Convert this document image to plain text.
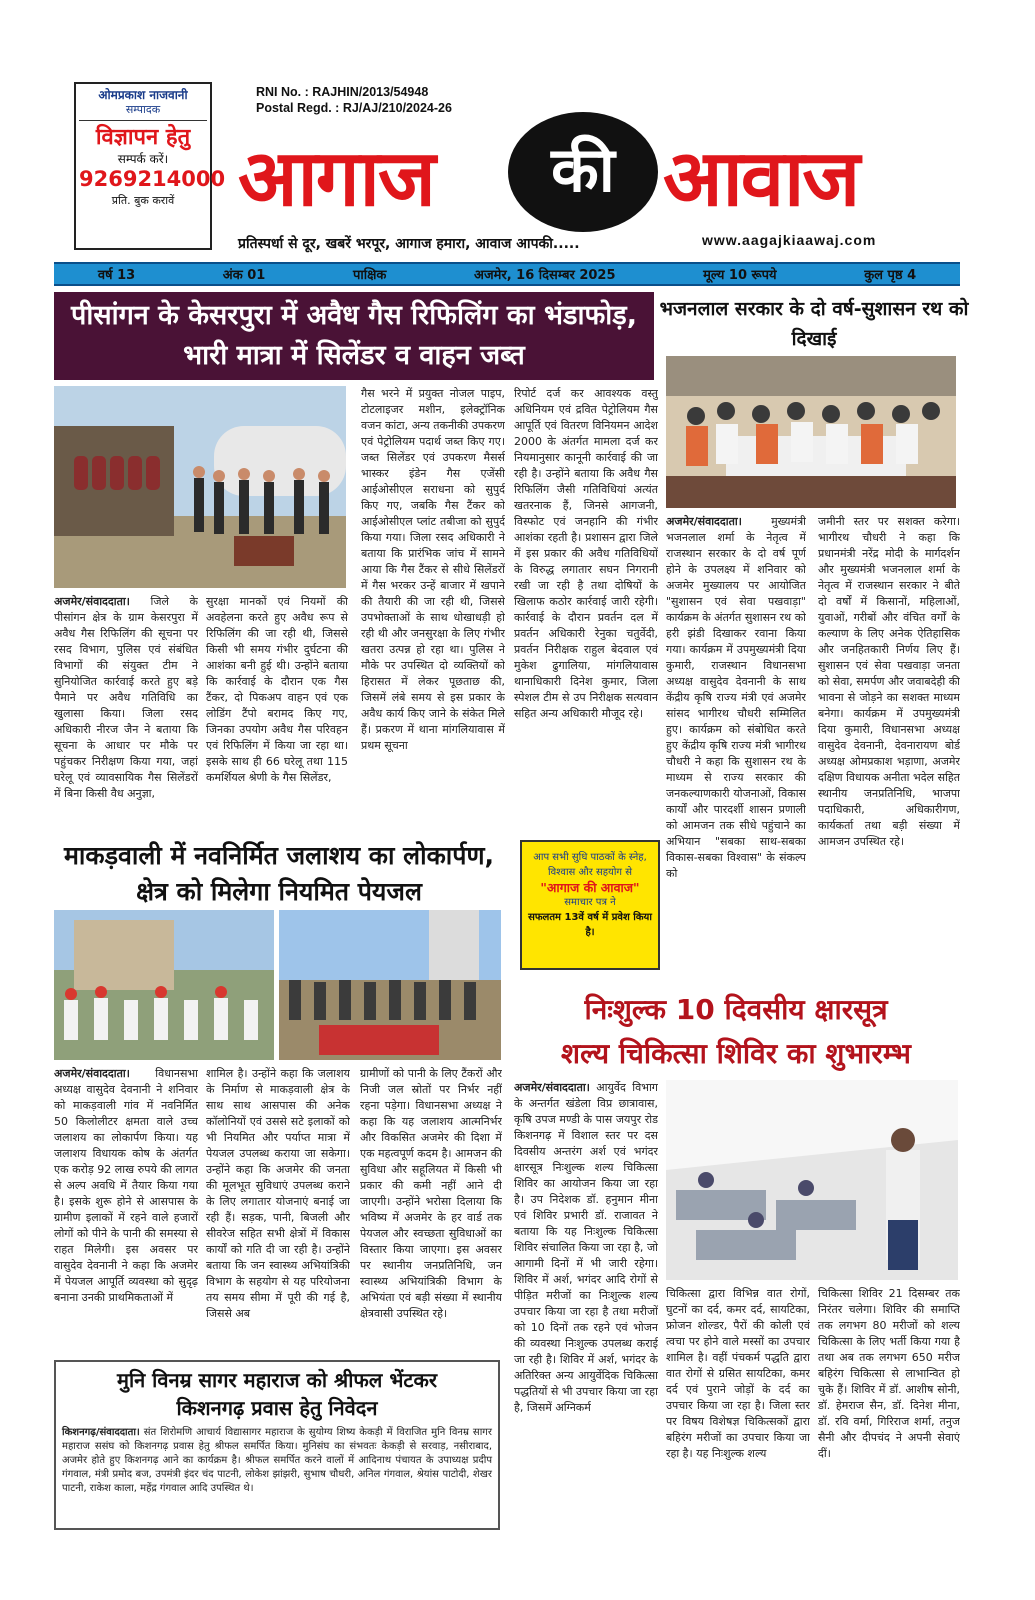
ओमप्रकाश नाजवानी
सम्पादक
विज्ञापन हेतु
सम्पर्क करें।
9269214000
प्रति. बुक करावें
RNI No. : RAJHIN/2013/54948
Postal Regd. : RJ/AJ/210/2024-26
आगाज	की आवाज
प्रतिस्पर्धा से दूर, खबरें भरपूर, आगाज हमारा, आवाज आपकी.....	www.aagajkiaawaj.com
वर्ष 13	अंक 01	पाक्षिक	अजमेर, 16 दिसम्बर 2025	मूल्य 10 रूपये	कुल पृष्ठ 4
पीसांगन के केसरपुरा में अवैध गैस रिफिलिंग का भंडाफोड़,
भारी मात्रा में सिलेंडर व वाहन जब्त
अजमेर/संवाददाता। जिले के पीसांगन क्षेत्र के ग्राम केसरपुरा में अवैध गैस रिफिलिंग की सूचना पर रसद विभाग, पुलिस एवं संबंधित विभागों की संयुक्त टीम ने सुनियोजित कार्रवाई करते हुए बड़े पैमाने पर अवैध गतिविधि का खुलासा किया। जिला रसद अधिकारी नीरज जैन ने बताया कि सूचना के आधार पर मौके पर पहुंचकर निरीक्षण किया गया, जहां घरेलू एवं व्यावसायिक गैस सिलेंडरों में बिना किसी वैध अनुज्ञा,
सुरक्षा मानकों एवं नियमों की अवहेलना करते हुए अवैध रूप से रिफिलिंग की जा रही थी, जिससे किसी भी समय गंभीर दुर्घटना की आशंका बनी हुई थी। उन्होंने बताया कि कार्रवाई के दौरान एक गैस टैंकर, दो पिकअप वाहन एवं एक लोडिंग टैंपो बरामद किए गए, जिनका उपयोग अवैध गैस परिवहन एवं रिफिलिंग में किया जा रहा था। इसके साथ ही 66 घरेलू तथा 115 कमर्शियल श्रेणी के गैस सिलेंडर,
गैस भरने में प्रयुक्त नोजल पाइप, टोटलाइजर मशीन, इलेक्ट्रॉनिक वजन कांटा, अन्य तकनीकी उपकरण एवं पेट्रोलियम पदार्थ जब्त किए गए। जब्त सिलेंडर एवं उपकरण मैसर्स भास्कर इंडेन गैस एजेंसी आईओसीएल सराधना को सुपुर्द किए गए, जबकि गैस टैंकर को आईओसीएल प्लांट तबीजा को सुपुर्द किया गया। जिला रसद अधिकारी ने बताया कि प्रारंभिक जांच में सामने आया कि गैस टैंकर से सीधे सिलेंडरों में गैस भरकर उन्हें बाजार में खपाने की तैयारी की जा रही थी, जिससे उपभोक्ताओं के साथ धोखाधड़ी हो रही थी और जनसुरक्षा के लिए गंभीर खतरा उत्पन्न हो रहा था। पुलिस ने मौके पर उपस्थित दो व्यक्तियों को हिरासत में लेकर पूछताछ की, जिसमें लंबे समय से इस प्रकार के अवैध कार्य किए जाने के संकेत मिले हैं। प्रकरण में थाना मांगलियावास में प्रथम सूचना
रिपोर्ट दर्ज कर आवश्यक वस्तु अधिनियम एवं द्रवित पेट्रोलियम गैस आपूर्ति एवं वितरण विनियमन आदेश 2000 के अंतर्गत मामला दर्ज कर नियमानुसार कानूनी कार्रवाई की जा रही है। उन्होंने बताया कि अवैध गैस रिफिलिंग जैसी गतिविधियां अत्यंत खतरनाक हैं, जिनसे आगजनी, विस्फोट एवं जनहानि की गंभीर आशंका रहती है। प्रशासन द्वारा जिले में इस प्रकार की अवैध गतिविधियों के विरुद्ध लगातार सघन निगरानी रखी जा रही है तथा दोषियों के खिलाफ कठोर कार्रवाई जारी रहेगी। कार्रवाई के दौरान प्रवर्तन दल में प्रवर्तन अधिकारी रेनुका चतुर्वेदी, प्रवर्तन निरीक्षक राहुल बेदवाल एवं मुकेश ढुगालिया, मांगलियावास थानाधिकारी दिनेश कुमार, जिला स्पेशल टीम से उप निरीक्षक सत्यवान सहित अन्य अधिकारी मौजूद रहे।
भजनलाल सरकार के दो वर्ष-सुशासन रथ को दिखाई
अजमेर/संवाददाता।	मुख्यमंत्री भजनलाल शर्मा के नेतृत्व में राजस्थान सरकार के दो वर्ष पूर्ण होने के उपलक्ष्य में शनिवार को अजमेर मुख्यालय पर आयोजित "सुशासन एवं सेवा पखवाड़ा" कार्यक्रम के अंतर्गत सुशासन रथ को हरी झंडी दिखाकर रवाना किया गया। कार्यक्रम में उपमुख्यमंत्री दिया कुमारी, राजस्थान विधानसभा अध्यक्ष वासुदेव देवनानी के साथ केंद्रीय कृषि राज्य मंत्री एवं अजमेर सांसद भागीरथ चौधरी सम्मिलित हुए। कार्यक्रम को संबोधित करते हुए केंद्रीय कृषि राज्य मंत्री भागीरथ चौधरी ने कहा कि सुशासन रथ के माध्यम से राज्य सरकार की जनकल्याणकारी योजनाओं, विकास कार्यों और पारदर्शी शासन प्रणाली को आमजन तक सीधे पहुंचाने का अभियान "सबका साथ-सबका विकास-सबका विश्वास" के संकल्प को
जमीनी स्तर पर सशक्त करेगा। भागीरथ चौधरी ने कहा कि प्रधानमंत्री नरेंद्र मोदी के मार्गदर्शन और मुख्यमंत्री भजनलाल शर्मा के नेतृत्व में राजस्थान सरकार ने बीते दो वर्षों में किसानों, महिलाओं, युवाओं, गरीबों और वंचित वर्गों के कल्याण के लिए अनेक ऐतिहासिक और जनहितकारी निर्णय लिए हैं। सुशासन एवं सेवा पखवाड़ा जनता को सेवा, समर्पण और जवाबदेही की भावना से जोड़ने का सशक्त माध्यम बनेगा। कार्यक्रम में उपमुख्यमंत्री दिया कुमारी, विधानसभा अध्यक्ष वासुदेव देवनानी, देवनारायण बोर्ड अध्यक्ष ओमप्रकाश भड़ाणा, अजमेर दक्षिण विधायक अनीता भदेल सहित स्थानीय जनप्रतिनिधि, भाजपा पदाधिकारी, अधिकारीगण, कार्यकर्ता तथा बड़ी संख्या में आमजन उपस्थित रहे।
आप सभी सुधि पाठकों के स्नेह, विश्वास और सहयोग से
"आगाज की आवाज"
समाचार पत्र ने
सफलतम 13वें वर्ष में प्रवेश किया है।
माकड़वाली में नवनिर्मित जलाशय का लोकार्पण,
क्षेत्र को मिलेगा नियमित पेयजल
अजमेर/संवाददाता। विधानसभा अध्यक्ष वासुदेव देवनानी ने शनिवार को माकड़वाली गांव में नवनिर्मित 50 किलोलीटर क्षमता वाले उच्च जलाशय का लोकार्पण किया। यह जलाशय विधायक कोष के अंतर्गत एक करोड़ 92 लाख रुपये की लागत से अल्प अवधि में तैयार किया गया है। इसके शुरू होने से आसपास के ग्रामीण इलाकों में रहने वाले हजारों लोगों को पीने के पानी की समस्या से राहत मिलेगी। इस अवसर पर वासुदेव देवनानी ने कहा कि अजमेर में पेयजल आपूर्ति व्यवस्था को सुदृढ़ बनाना उनकी प्राथमिकताओं में
शामिल है। उन्होंने कहा कि जलाशय के निर्माण से माकड़वाली क्षेत्र के साथ साथ आसपास की अनेक कॉलोनियों एवं उससे सटे इलाकों को भी नियमित और पर्याप्त मात्रा में पेयजल उपलब्ध कराया जा सकेगा। उन्होंने कहा कि अजमेर की जनता की मूलभूत सुविधाएं उपलब्ध कराने के लिए लगातार योजनाएं बनाई जा रही हैं। सड़क, पानी, बिजली और सीवरेज सहित सभी क्षेत्रों में विकास कार्यों को गति दी जा रही है। उन्होंने बताया कि जन स्वास्थ्य अभियांत्रिकी विभाग के सहयोग से यह परियोजना तय समय सीमा में पूरी की गई है, जिससे अब
ग्रामीणों को पानी के लिए टैंकरों और निजी जल स्रोतों पर निर्भर नहीं रहना पड़ेगा। विधानसभा अध्यक्ष ने कहा कि यह जलाशय आत्मनिर्भर और विकसित अजमेर की दिशा में एक महत्वपूर्ण कदम है। आमजन की सुविधा और सहूलियत में किसी भी प्रकार की कमी नहीं आने दी जाएगी। उन्होंने भरोसा दिलाया कि भविष्य में अजमेर के हर वार्ड तक पेयजल और स्वच्छता सुविधाओं का विस्तार किया जाएगा। इस अवसर पर स्थानीय जनप्रतिनिधि, जन स्वास्थ्य अभियांत्रिकी विभाग के अभियंता एवं बड़ी संख्या में स्थानीय क्षेत्रवासी उपस्थित रहे।
निःशुल्क 10 दिवसीय क्षारसूत्र
शल्य चिकित्सा शिविर का शुभारम्भ
अजमेर/संवाददाता। आयुर्वेद विभाग के अन्तर्गत खंडेला विप्र छात्रावास, कृषि उपज मण्डी के पास जयपुर रोड किशनगढ़ में विशाल स्तर पर दस दिवसीय अन्तरंग अर्श एवं भगंदर क्षारसूत्र निःशुल्क शल्य चिकित्सा शिविर का आयोजन किया जा रहा है। उप निदेशक डॉ. हनुमान मीना एवं शिविर प्रभारी डॉ. राजावत ने बताया कि यह निःशुल्क चिकित्सा शिविर संचालित किया जा रहा है, जो आगामी दिनों में भी जारी रहेगा। शिविर में अर्श, भगंदर आदि रोगों से पीड़ित मरीजों का निःशुल्क शल्य उपचार किया जा रहा है तथा मरीजों को 10 दिनों तक रहने एवं भोजन की व्यवस्था निःशुल्क उपलब्ध कराई जा रही है। शिविर में अर्श, भगंदर के अतिरिक्त अन्य आयुर्वेदिक चिकित्सा पद्धतियों से भी उपचार किया जा रहा है, जिसमें अग्निकर्म
चिकित्सा द्वारा विभिन्न वात रोगों, घुटनों का दर्द, कमर दर्द, सायटिका, फ्रोजन शोल्डर, पैरों की कोली एवं त्वचा पर होने वाले मस्सों का उपचार शामिल है। वहीं पंचकर्म पद्धति द्वारा वात रोगों से ग्रसित सायटिका, कमर दर्द एवं पुराने जोड़ों के दर्द का उपचार किया जा रहा है। जिला स्तर पर विषय विशेषज्ञ चिकित्सकों द्वारा बहिरंग मरीजों का उपचार किया जा रहा है। यह निःशुल्क शल्य
चिकित्सा शिविर 21 दिसम्बर तक निरंतर चलेगा। शिविर की समाप्ति तक लगभग 80 मरीजों को शल्य चिकित्सा के लिए भर्ती किया गया है तथा अब तक लगभग 650 मरीज बहिरंग चिकित्सा से लाभान्वित हो चुके हैं। शिविर में डॉ. आशीष सोनी, डॉ. हेमराज सैन, डॉ. दिनेश मीना, डॉ. रवि वर्मा, गिरिराज शर्मा, तनुज सैनी और दीपचंद ने अपनी सेवाएं दीं।
मुनि विनम्र सागर महाराज को श्रीफल भेंटकर
किशनगढ़ प्रवास हेतु निवेदन
किशनगढ़/संवाददाता। संत शिरोमणि आचार्य विद्यासागर महाराज के सुयोग्य शिष्य केकड़ी में विराजित मुनि विनम्र सागर महाराज ससंघ को किशनगढ़ प्रवास हेतु श्रीफल समर्पित किया। मुनिसंघ का संभवतः केकड़ी से सरवाड़, नसीराबाद, अजमेर होते हुए किशनगढ़ आने का कार्यक्रम है। श्रीफल समर्पित करने वालों में आदिनाथ पंचायत के उपाध्यक्ष प्रदीप गंगवाल, मंत्री प्रमोद बज, उपमंत्री इंदर चंद पाटनी, लोकेश झांझरी, सुभाष चौधरी, अनिल गंगवाल, श्रेयांस पाटोदी, शेखर पाटनी, राकेश काला, महेंद्र गंगवाल आदि उपस्थित थे।
